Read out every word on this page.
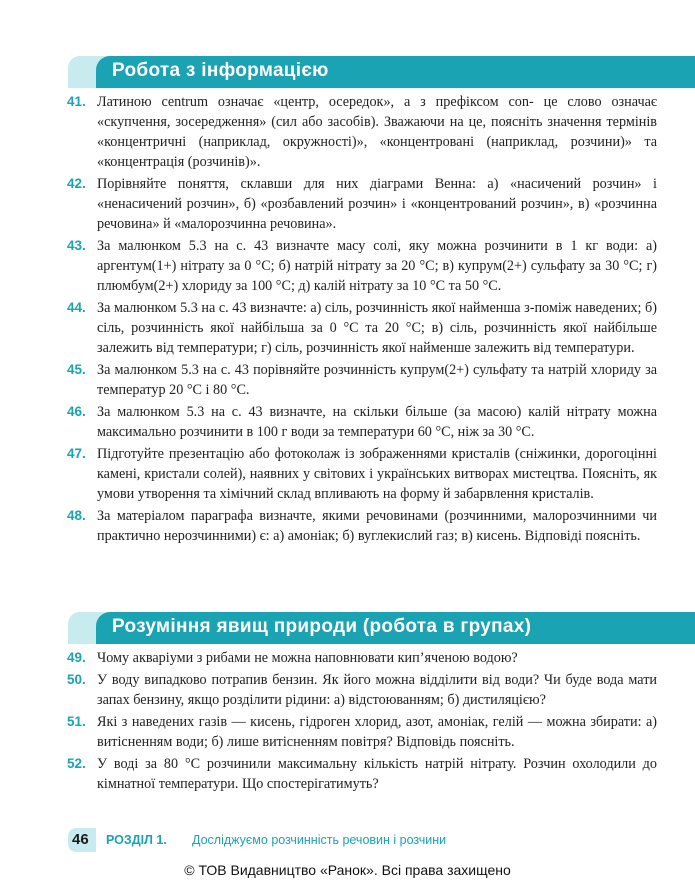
Робота з інформацією
41. Латиною centrum означає «центр, осередок», а з префіксом con- це слово означає «скупчення, зосередження» (сил або засобів). Зважаючи на це, поясніть значення термінів «концентричні (наприклад, окружності)», «концентровані (наприклад, розчини)» та «концентрація (розчинів)».
42. Порівняйте поняття, склавши для них діаграми Венна: а) «насичений розчин» і «ненасичений розчин», б) «розбавлений розчин» і «концентрований розчин», в) «розчинна речовина» й «малорозчинна речовина».
43. За малюнком 5.3 на с. 43 визначте масу солі, яку можна розчинити в 1 кг води: а) аргентум(1+) нітрату за 0 °С; б) натрій нітрату за 20 °С; в) купрум(2+) сульфату за 30 °С; г) плюмбум(2+) хлориду за 100 °С; д) калій нітрату за 10 °С та 50 °С.
44. За малюнком 5.3 на с. 43 визначте: а) сіль, розчинність якої найменша з-поміж наведених; б) сіль, розчинність якої найбільша за 0 °С та 20 °С; в) сіль, розчинність якої найбільше залежить від температури; г) сіль, розчинність якої найменше залежить від температури.
45. За малюнком 5.3 на с. 43 порівняйте розчинність купрум(2+) сульфату та натрій хлориду за температур 20 °С і 80 °С.
46. За малюнком 5.3 на с. 43 визначте, на скільки більше (за масою) калій нітрату можна максимально розчинити в 100 г води за температури 60 °С, ніж за 30 °С.
47. Підготуйте презентацію або фотоколаж із зображеннями кристалів (сніжинки, дорогоцінні камені, кристали солей), наявних у світових і українських витворах мистецтва. Поясніть, як умови утворення та хімічний склад впливають на форму й забарвлення кристалів.
48. За матеріалом параграфа визначте, якими речовинами (розчинними, малорозчинними чи практично нерозчинними) є: а) амоніак; б) вуглекислий газ; в) кисень. Відповіді поясніть.
Розуміння явищ природи (робота в групах)
49. Чому акваріуми з рибами не можна наповнювати кип’яченою водою?
50. У воду випадково потрапив бензин. Як його можна відділити від води? Чи буде вода мати запах бензину, якщо розділити рідини: а) відстоюванням; б) дистиляцією?
51. Які з наведених газів — кисень, гідроген хлорид, азот, амоніак, гелій — можна збирати: а) витісненням води; б) лише витісненням повітря? Відповідь поясніть.
52. У воді за 80 °С розчинили максимальну кількість натрій нітрату. Розчин охолодили до кімнатної температури. Що спостерігатимуть?
46 РОЗДІЛ 1. Досліджуємо розчинність речовин і розчини
© ТОВ Видавництво «Ранок». Всі права захищено
